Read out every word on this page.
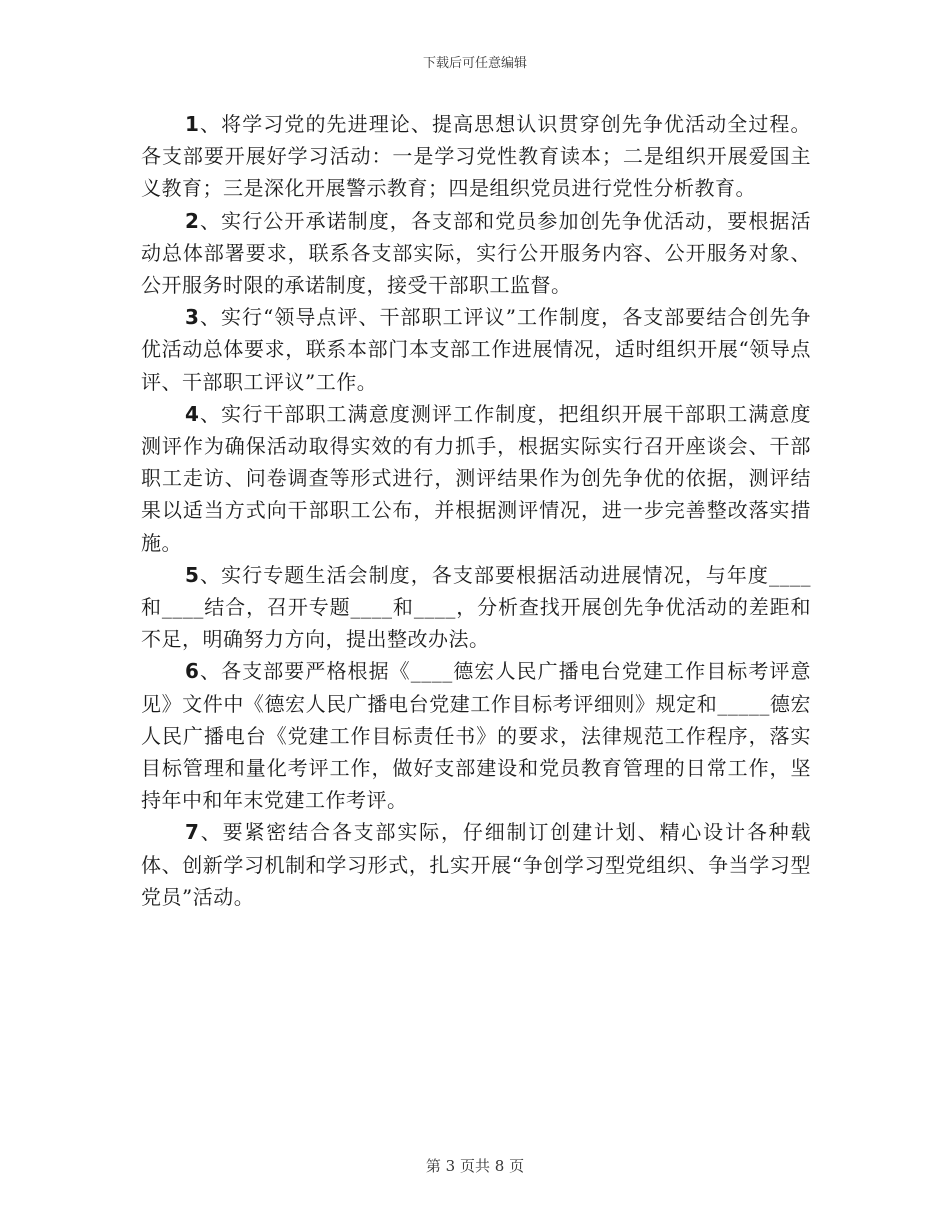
下载后可任意编辑

1、将学习党的先进理论、提高思想认识贯穿创先争优活动全过程。各支部要开展好学习活动：一是学习党性教育读本；二是组织开展爱国主义教育；三是深化开展警示教育；四是组织党员进行党性分析教育。

2、实行公开承诺制度，各支部和党员参加创先争优活动，要根据活动总体部署要求，联系各支部实际，实行公开服务内容、公开服务对象、公开服务时限的承诺制度，接受干部职工监督。

3、实行“领导点评、干部职工评议”工作制度，各支部要结合创先争优活动总体要求，联系本部门本支部工作进展情况，适时组织开展“领导点评、干部职工评议”工作。

4、实行干部职工满意度测评工作制度，把组织开展干部职工满意度测评作为确保活动取得实效的有力抓手，根据实际实行召开座谈会、干部职工走访、问卷调查等形式进行，测评结果作为创先争优的依据，测评结果以适当方式向干部职工公布，并根据测评情况，进一步完善整改落实措施。

5、实行专题生活会制度，各支部要根据活动进展情况，与年度____和____结合，召开专题____和____，分析查找开展创先争优活动的差距和不足，明确努力方向，提出整改办法。

6、各支部要严格根据《____德宏人民广播电台党建工作目标考评意见》文件中《德宏人民广播电台党建工作目标考评细则》规定和_____德宏人民广播电台《党建工作目标责任书》的要求，法律规范工作程序，落实目标管理和量化考评工作，做好支部建设和党员教育管理的日常工作，坚持年中和年末党建工作考评。

7、要紧密结合各支部实际，仔细制订创建计划、精心设计各种载体、创新学习机制和学习形式，扎实开展“争创学习型党组织、争当学习型党员”活动。

第 3 页共 8 页
